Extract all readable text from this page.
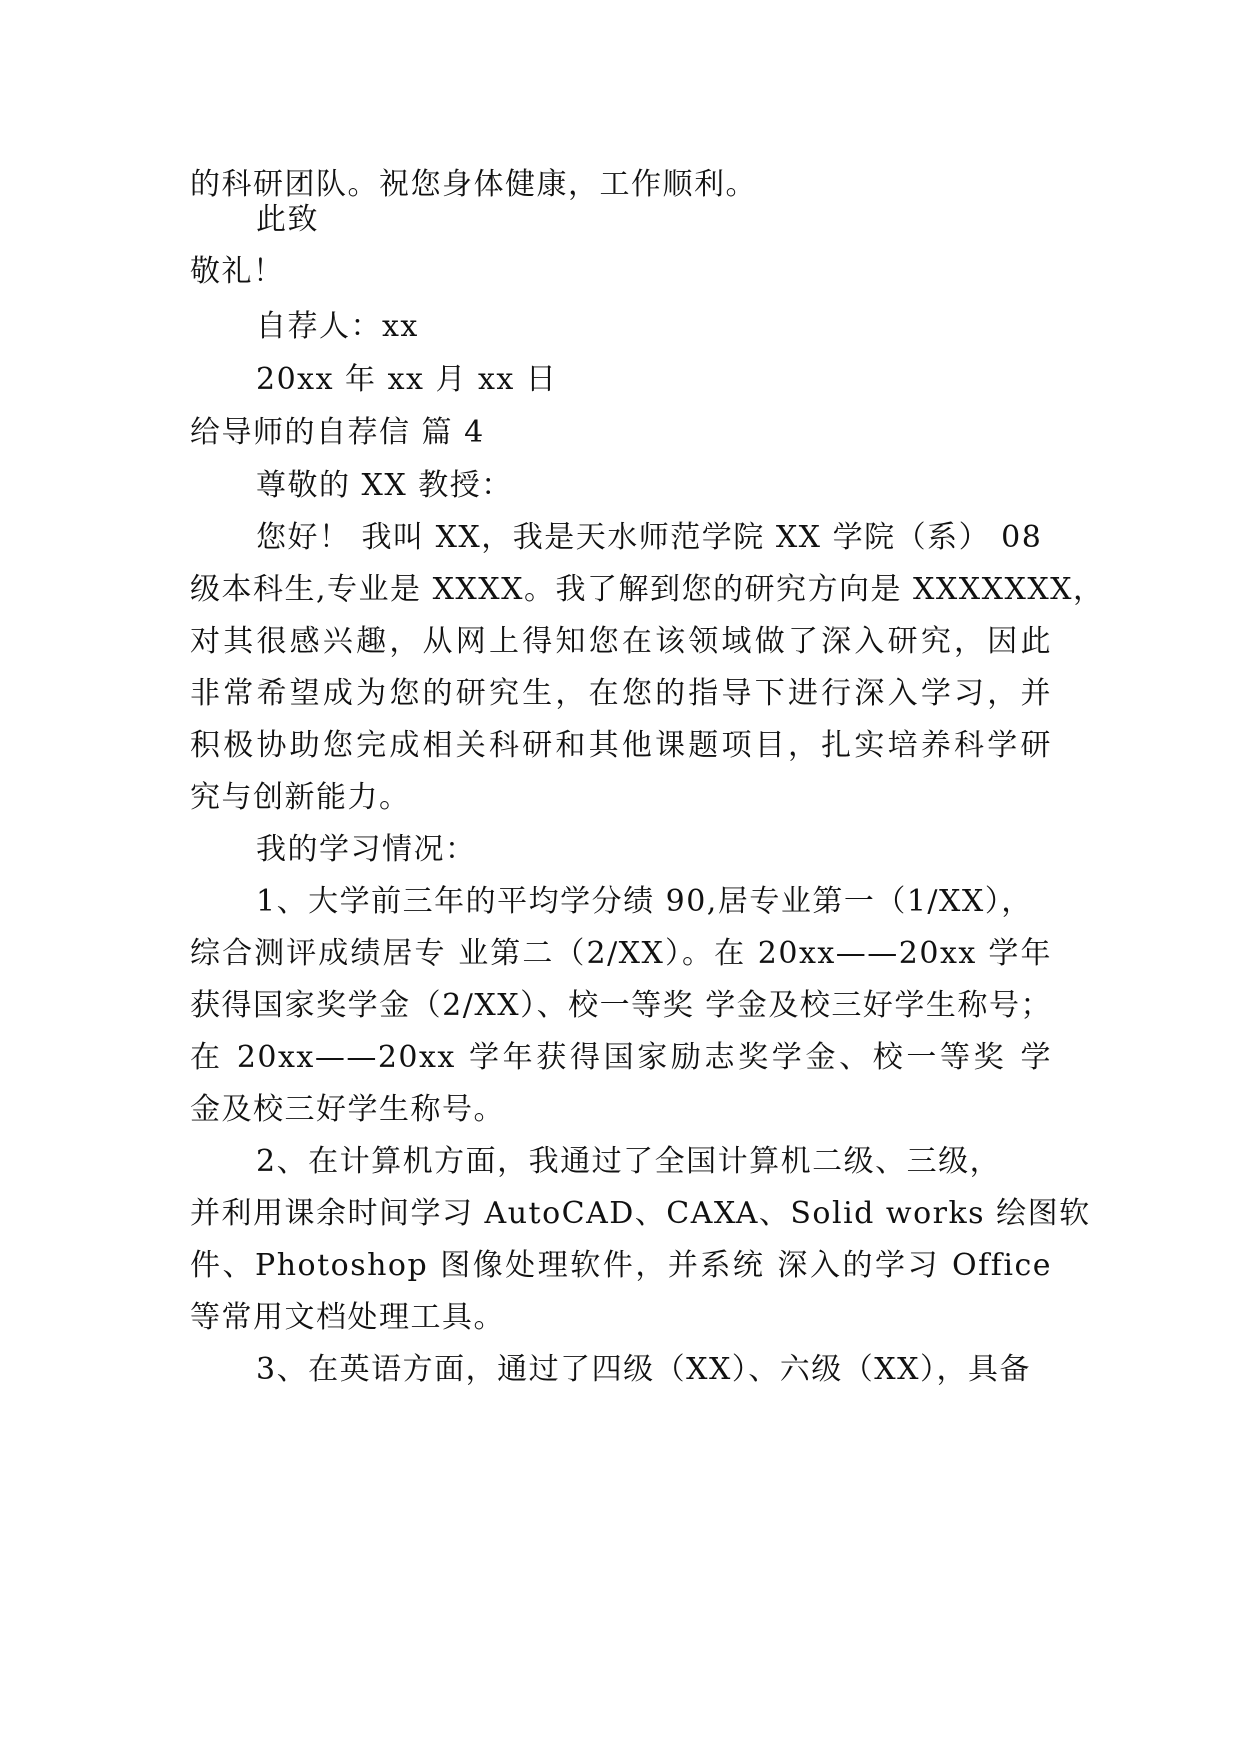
的科研团队。祝您身体健康，工作顺利。
此致
敬礼！
自荐人：xx
20xx 年 xx 月 xx 日
给导师的自荐信 篇 4
尊敬的 XX 教授：
您好！ 我叫 XX，我是天水师范学院 XX 学院（系） 08
级本科生,专业是 XXXX。我了解到您的研究方向是 XXXXXXX，
对其很感兴趣，从网上得知您在该领域做了深入研究，因此
非常希望成为您的研究生，在您的指导下进行深入学习，并
积极协助您完成相关科研和其他课题项目，扎实培养科学研
究与创新能力。
我的学习情况：
1、大学前三年的平均学分绩 90,居专业第一（1/XX），
综合测评成绩居专 业第二（2/XX）。在 20xx——20xx 学年
获得国家奖学金（2/XX）、校一等奖 学金及校三好学生称号；
在 20xx——20xx 学年获得国家励志奖学金、校一等奖 学
金及校三好学生称号。
2、在计算机方面，我通过了全国计算机二级、三级，
并利用课余时间学习 AutoCAD、CAXA、Solid works 绘图软
件、Photoshop 图像处理软件，并系统 深入的学习 Office
等常用文档处理工具。
3、在英语方面，通过了四级（XX）、六级（XX），具备
